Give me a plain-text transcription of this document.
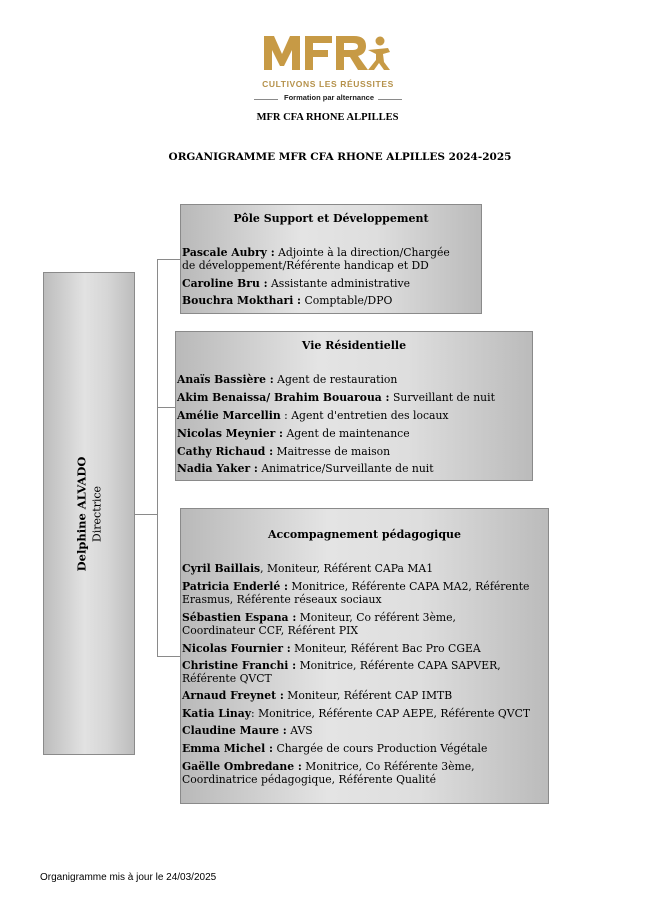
CULTIVONS LES RÉUSSITES
Formation par alternance
MFR CFA RHONE ALPILLES
ORGANIGRAMME MFR CFA RHONE ALPILLES 2024-2025
Delphine ALVADO Directrice
Pôle Support et Développement
Pascale Aubry : Adjointe à la direction/Chargée
de développement/Référente handicap et DD
Caroline Bru : Assistante administrative
Bouchra Mokthari : Comptable/DPO
Vie Résidentielle
Anaïs Bassière : Agent de restauration
Akim Benaissa/ Brahim Bouaroua : Surveillant de nuit
Amélie Marcellin : Agent d'entretien des locaux
Nicolas Meynier : Agent de maintenance
Cathy Richaud : Maitresse de maison
Nadia Yaker : Animatrice/Surveillante de nuit
Accompagnement pédagogique
Cyril Baillais, Moniteur, Référent CAPa MA1
Patricia Enderlé : Monitrice, Référente CAPA MA2, Référente
Erasmus, Référente réseaux sociaux
Sébastien Espana : Moniteur, Co référent 3ème,
Coordinateur CCF, Référent PIX
Nicolas Fournier : Moniteur, Référent Bac Pro CGEA
Christine Franchi : Monitrice, Référente CAPA SAPVER,
Référente QVCT
Arnaud Freynet : Moniteur, Référent CAP IMTB
Katia Linay: Monitrice, Référente CAP AEPE, Référente QVCT
Claudine Maure : AVS
Emma Michel : Chargée de cours Production Végétale
Gaëlle Ombredane : Monitrice, Co Référente 3ème,
Coordinatrice pédagogique, Référente Qualité
Organigramme mis à jour le 24/03/2025
